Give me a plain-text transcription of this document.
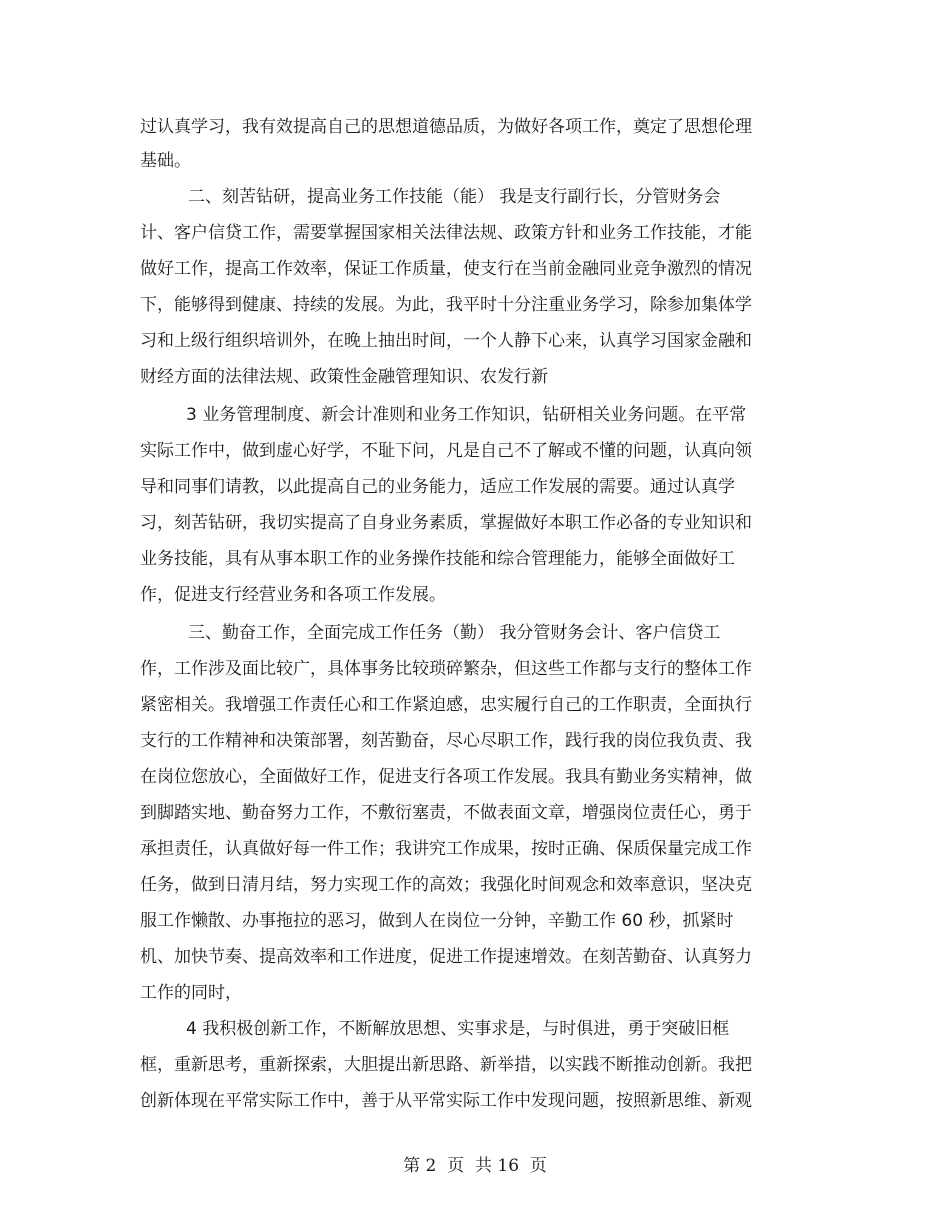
过认真学习，我有效提高自己的思想道德品质，为做好各项工作，奠定了思想伦理
基础。
二、刻苦钻研，提高业务工作技能（能） 我是支行副行长，分管财务会
计、客户信贷工作，需要掌握国家相关法律法规、政策方针和业务工作技能，才能
做好工作，提高工作效率，保证工作质量，使支行在当前金融同业竞争激烈的情况
下，能够得到健康、持续的发展。为此，我平时十分注重业务学习，除参加集体学
习和上级行组织培训外，在晚上抽出时间，一个人静下心来，认真学习国家金融和
财经方面的法律法规、政策性金融管理知识、农发行新
3 业务管理制度、新会计准则和业务工作知识，钻研相关业务问题。在平常
实际工作中，做到虚心好学，不耻下问，凡是自己不了解或不懂的问题，认真向领
导和同事们请教，以此提高自己的业务能力，适应工作发展的需要。通过认真学
习，刻苦钻研，我切实提高了自身业务素质，掌握做好本职工作必备的专业知识和
业务技能，具有从事本职工作的业务操作技能和综合管理能力，能够全面做好工
作，促进支行经营业务和各项工作发展。
三、勤奋工作，全面完成工作任务（勤） 我分管财务会计、客户信贷工
作，工作涉及面比较广，具体事务比较琐碎繁杂，但这些工作都与支行的整体工作
紧密相关。我增强工作责任心和工作紧迫感，忠实履行自己的工作职责，全面执行
支行的工作精神和决策部署，刻苦勤奋，尽心尽职工作，践行我的岗位我负责、我
在岗位您放心，全面做好工作，促进支行各项工作发展。我具有勤业务实精神，做
到脚踏实地、勤奋努力工作，不敷衍塞责，不做表面文章，增强岗位责任心，勇于
承担责任，认真做好每一件工作；我讲究工作成果，按时正确、保质保量完成工作
任务，做到日清月结，努力实现工作的高效；我强化时间观念和效率意识，坚决克
服工作懒散、办事拖拉的恶习，做到人在岗位一分钟，辛勤工作 60 秒，抓紧时
机、加快节奏、提高效率和工作进度，促进工作提速增效。在刻苦勤奋、认真努力
工作的同时，
4 我积极创新工作，不断解放思想、实事求是，与时俱进，勇于突破旧框
框，重新思考，重新探索，大胆提出新思路、新举措，以实践不断推动创新。我把
创新体现在平常实际工作中，善于从平常实际工作中发现问题，按照新思维、新观
第 2  页  共 16  页
